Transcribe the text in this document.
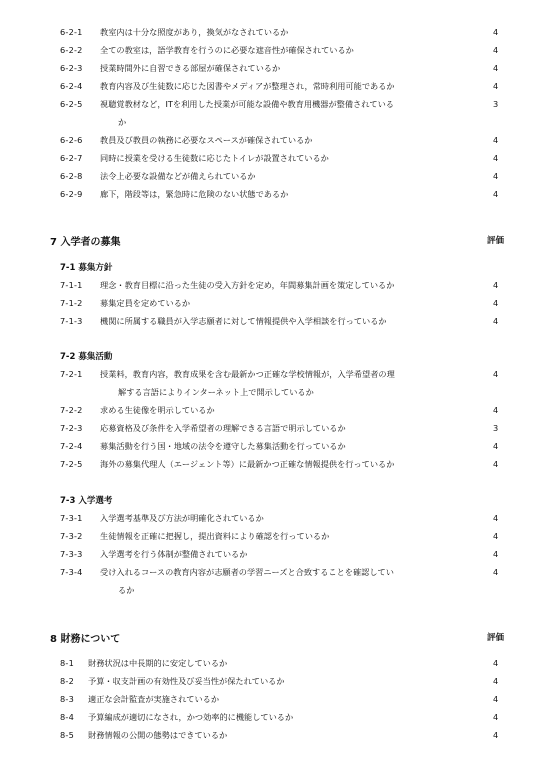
6-2-1 教室内は十分な照度があり，換気がなされているか	4
6-2-2 全ての教室は，語学教育を行うのに必要な遮音性が確保されているか	4
6-2-3 授業時間外に自習できる部屋が確保されているか	4
6-2-4 教育内容及び生徒数に応じた図書やメディアが整理され，常時利用可能であるか	4
6-2-5 視聴覚教材など，ITを利用した授業が可能な設備や教育用機器が整備されている	3
か
6-2-6 教員及び教員の執務に必要なスペースが確保されているか	4
6-2-7 同時に授業を受ける生徒数に応じたトイレが設置されているか	4
6-2-8 法令上必要な設備などが備えられているか	4
6-2-9 廊下，階段等は，緊急時に危険のない状態であるか	4
7 入学者の募集	評価
7-1 募集方針
7-1-1 理念・教育目標に沿った生徒の受入方針を定め，年間募集計画を策定しているか	4
7-1-2 募集定員を定めているか	4
7-1-3 機関に所属する職員が入学志願者に対して情報提供や入学相談を行っているか	4
7-2 募集活動
7-2-1 授業料，教育内容，教育成果を含む最新かつ正確な学校情報が，入学希望者の理	4
解する言語によりインターネット上で開示しているか
7-2-2 求める生徒像を明示しているか	4
7-2-3 応募資格及び条件を入学希望者の理解できる言語で明示しているか	3
7-2-4 募集活動を行う国・地域の法令を遵守した募集活動を行っているか	4
7-2-5 海外の募集代理人（エージェント等）に最新かつ正確な情報提供を行っているか	4
7-3 入学選考
7-3-1 入学選考基準及び方法が明確化されているか	4
7-3-2 生徒情報を正確に把握し，提出資料により確認を行っているか	4
7-3-3 入学選考を行う体制が整備されているか	4
7-3-4 受け入れるコースの教育内容が志願者の学習ニーズと合致することを確認してい	4
るか
8 財務について	評価
8-1 財務状況は中長期的に安定しているか	4
8-2 予算・収支計画の有効性及び妥当性が保たれているか	4
8-3 適正な会計監査が実施されているか	4
8-4 予算編成が適切になされ，かつ効率的に機能しているか	4
8-5 財務情報の公開の態勢はできているか	4
